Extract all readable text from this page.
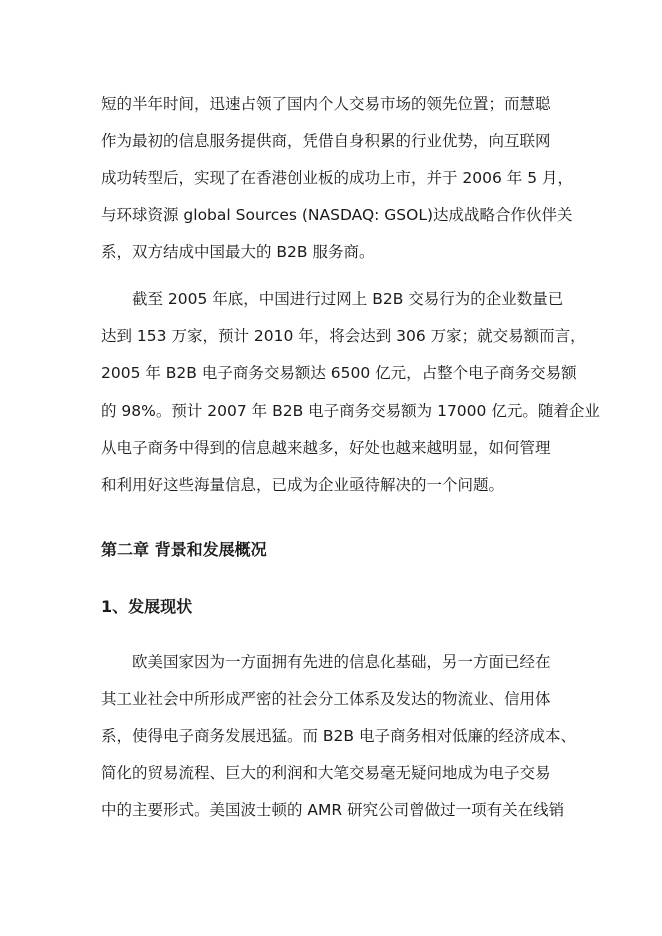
短的半年时间，迅速占领了国内个人交易市场的领先位置；而慧聪

作为最初的信息服务提供商，凭借自身积累的行业优势，向互联网

成功转型后，实现了在香港创业板的成功上市，并于 2006 年 5 月，

与环球资源 global Sources (NASDAQ: GSOL)达成战略合作伙伴关

系，双方结成中国最大的 B2B 服务商。

截至 2005 年底，中国进行过网上 B2B 交易行为的企业数量已

达到 153 万家，预计 2010 年，将会达到 306 万家；就交易额而言，

2005 年 B2B 电子商务交易额达 6500 亿元，占整个电子商务交易额

的 98%。预计 2007 年 B2B 电子商务交易额为 17000 亿元。随着企业

从电子商务中得到的信息越来越多，好处也越来越明显，如何管理

和利用好这些海量信息，已成为企业亟待解决的一个问题。

第二章 背景和发展概况

1、发展现状

欧美国家因为一方面拥有先进的信息化基础，另一方面已经在

其工业社会中所形成严密的社会分工体系及发达的物流业、信用体

系，使得电子商务发展迅猛。而 B2B 电子商务相对低廉的经济成本、

简化的贸易流程、巨大的利润和大笔交易毫无疑问地成为电子交易

中的主要形式。美国波士顿的 AMR 研究公司曾做过一项有关在线销
